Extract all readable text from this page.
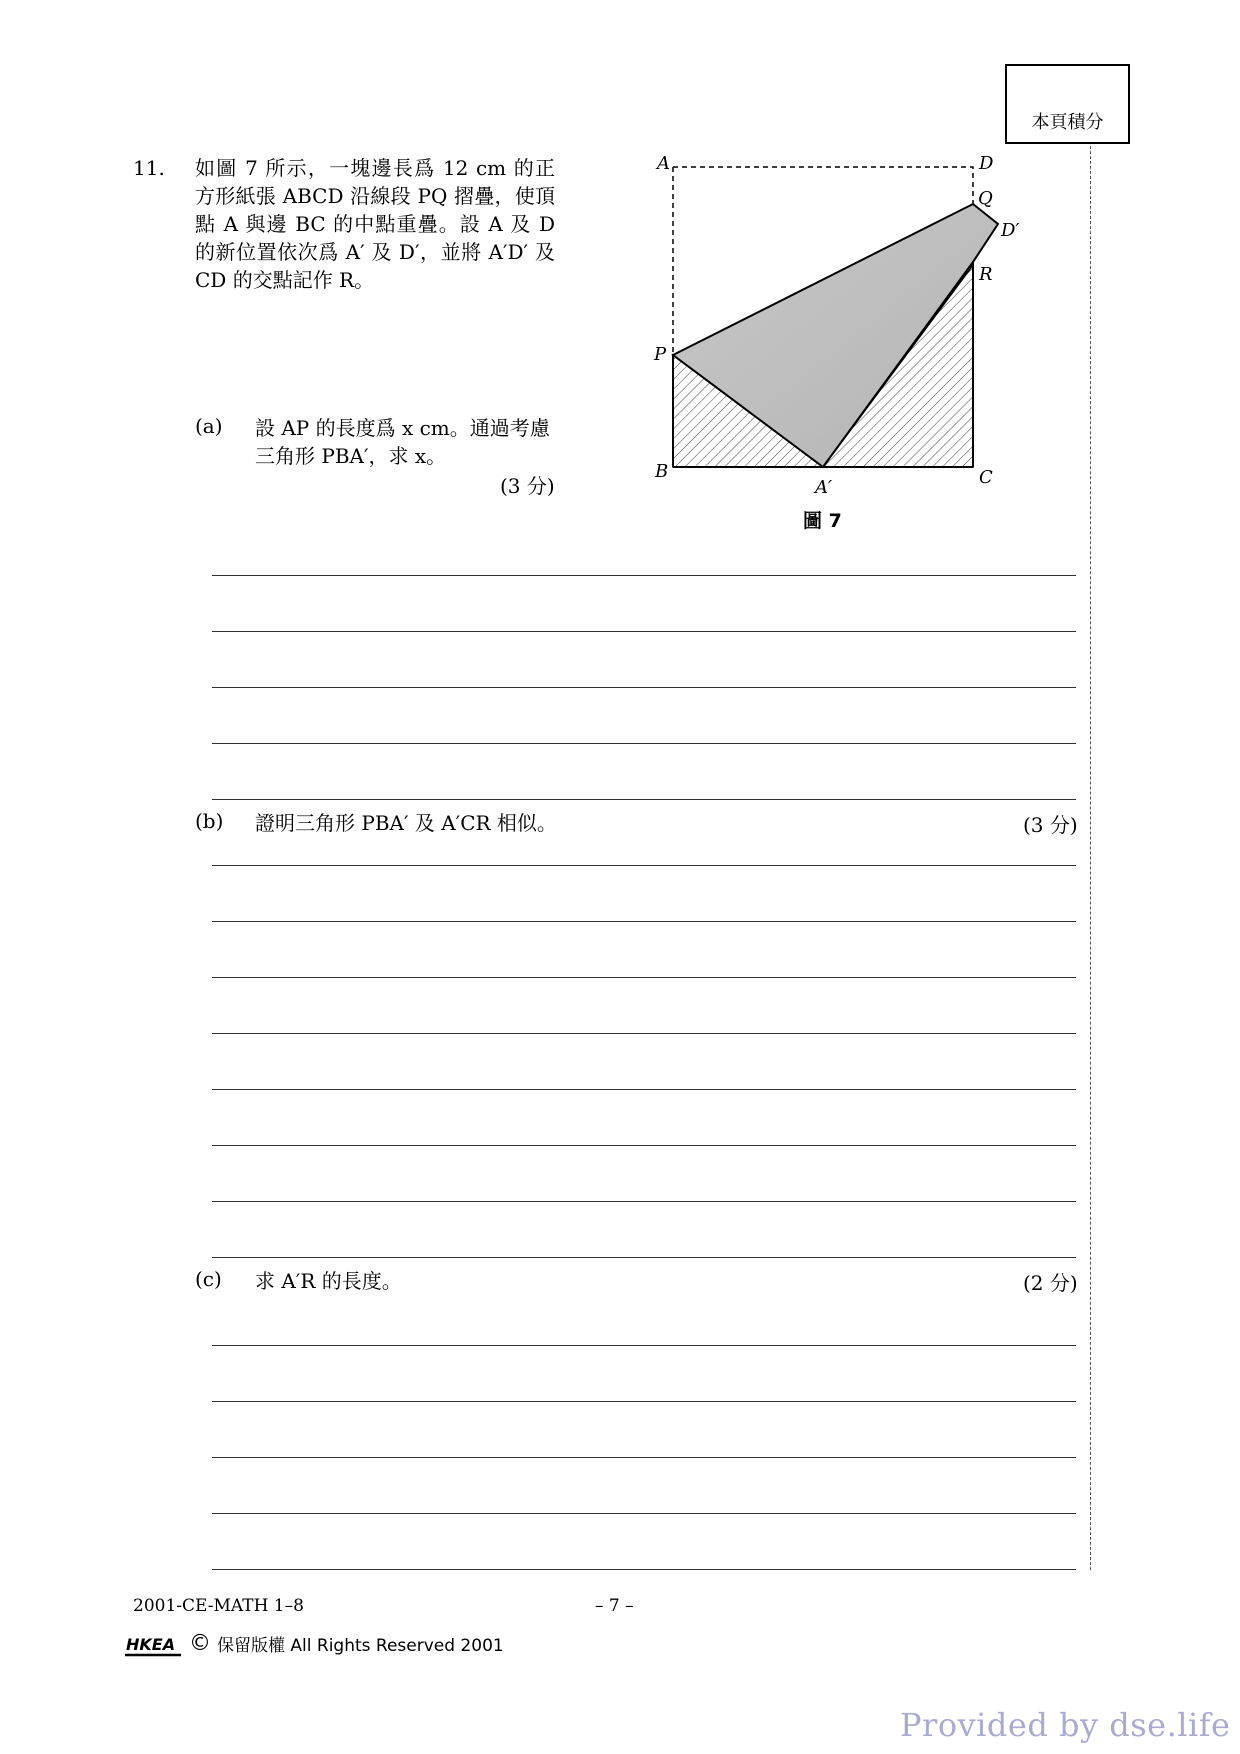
本頁積分
11. 如圖 7 所示，一塊邊長爲 12 cm 的正方形紙張 ABCD 沿線段 PQ 摺疊，使頂點 A 與邊 BC 的中點重疊。設 A 及 D 的新位置依次爲 A′ 及 D′，並將 A′D′ 及 CD 的交點記作 R。
A	D
Q
D′
R
P
B
A′	C
圖 7
(a) 設 AP 的長度爲 x cm。通過考慮三角形 PBA′，求 x。
(3 分)
(b) 證明三角形 PBA′ 及 A′CR 相似。	(3 分)
(c) 求 A′R 的長度。	(2 分)
2001-CE-MATH 1–8	– 7 –
HKEA © 保留版權 All Rights Reserved 2001
Provided by dse.life
